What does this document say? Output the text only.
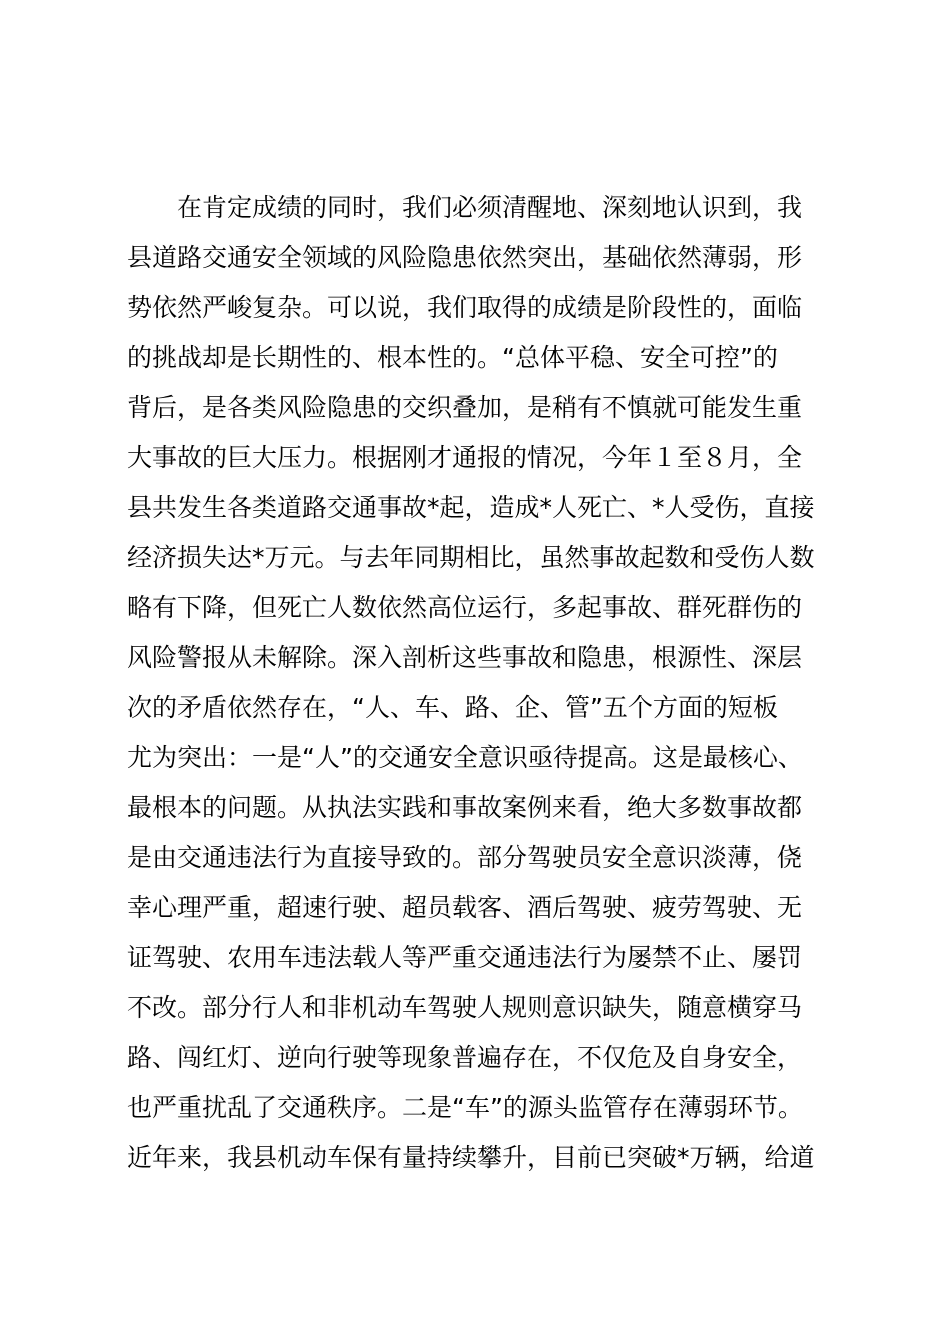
在肯定成绩的同时，我们必须清醒地、深刻地认识到，我
县道路交通安全领域的风险隐患依然突出，基础依然薄弱，形
势依然严峻复杂。可以说，我们取得的成绩是阶段性的，面临
的挑战却是长期性的、根本性的。“总体平稳、安全可控”的
背后，是各类风险隐患的交织叠加，是稍有不慎就可能发生重
大事故的巨大压力。根据刚才通报的情况，今年１至８月，全
县共发生各类道路交通事故*起，造成*人死亡、*人受伤，直接
经济损失达*万元。与去年同期相比，虽然事故起数和受伤人数
略有下降，但死亡人数依然高位运行，多起事故、群死群伤的
风险警报从未解除。深入剖析这些事故和隐患，根源性、深层
次的矛盾依然存在，“人、车、路、企、管”五个方面的短板
尤为突出：一是“人”的交通安全意识亟待提高。这是最核心、
最根本的问题。从执法实践和事故案例来看，绝大多数事故都
是由交通违法行为直接导致的。部分驾驶员安全意识淡薄，侥
幸心理严重，超速行驶、超员载客、酒后驾驶、疲劳驾驶、无
证驾驶、农用车违法载人等严重交通违法行为屡禁不止、屡罚
不改。部分行人和非机动车驾驶人规则意识缺失，随意横穿马
路、闯红灯、逆向行驶等现象普遍存在，不仅危及自身安全，
也严重扰乱了交通秩序。二是“车”的源头监管存在薄弱环节。
近年来，我县机动车保有量持续攀升，目前已突破*万辆，给道
